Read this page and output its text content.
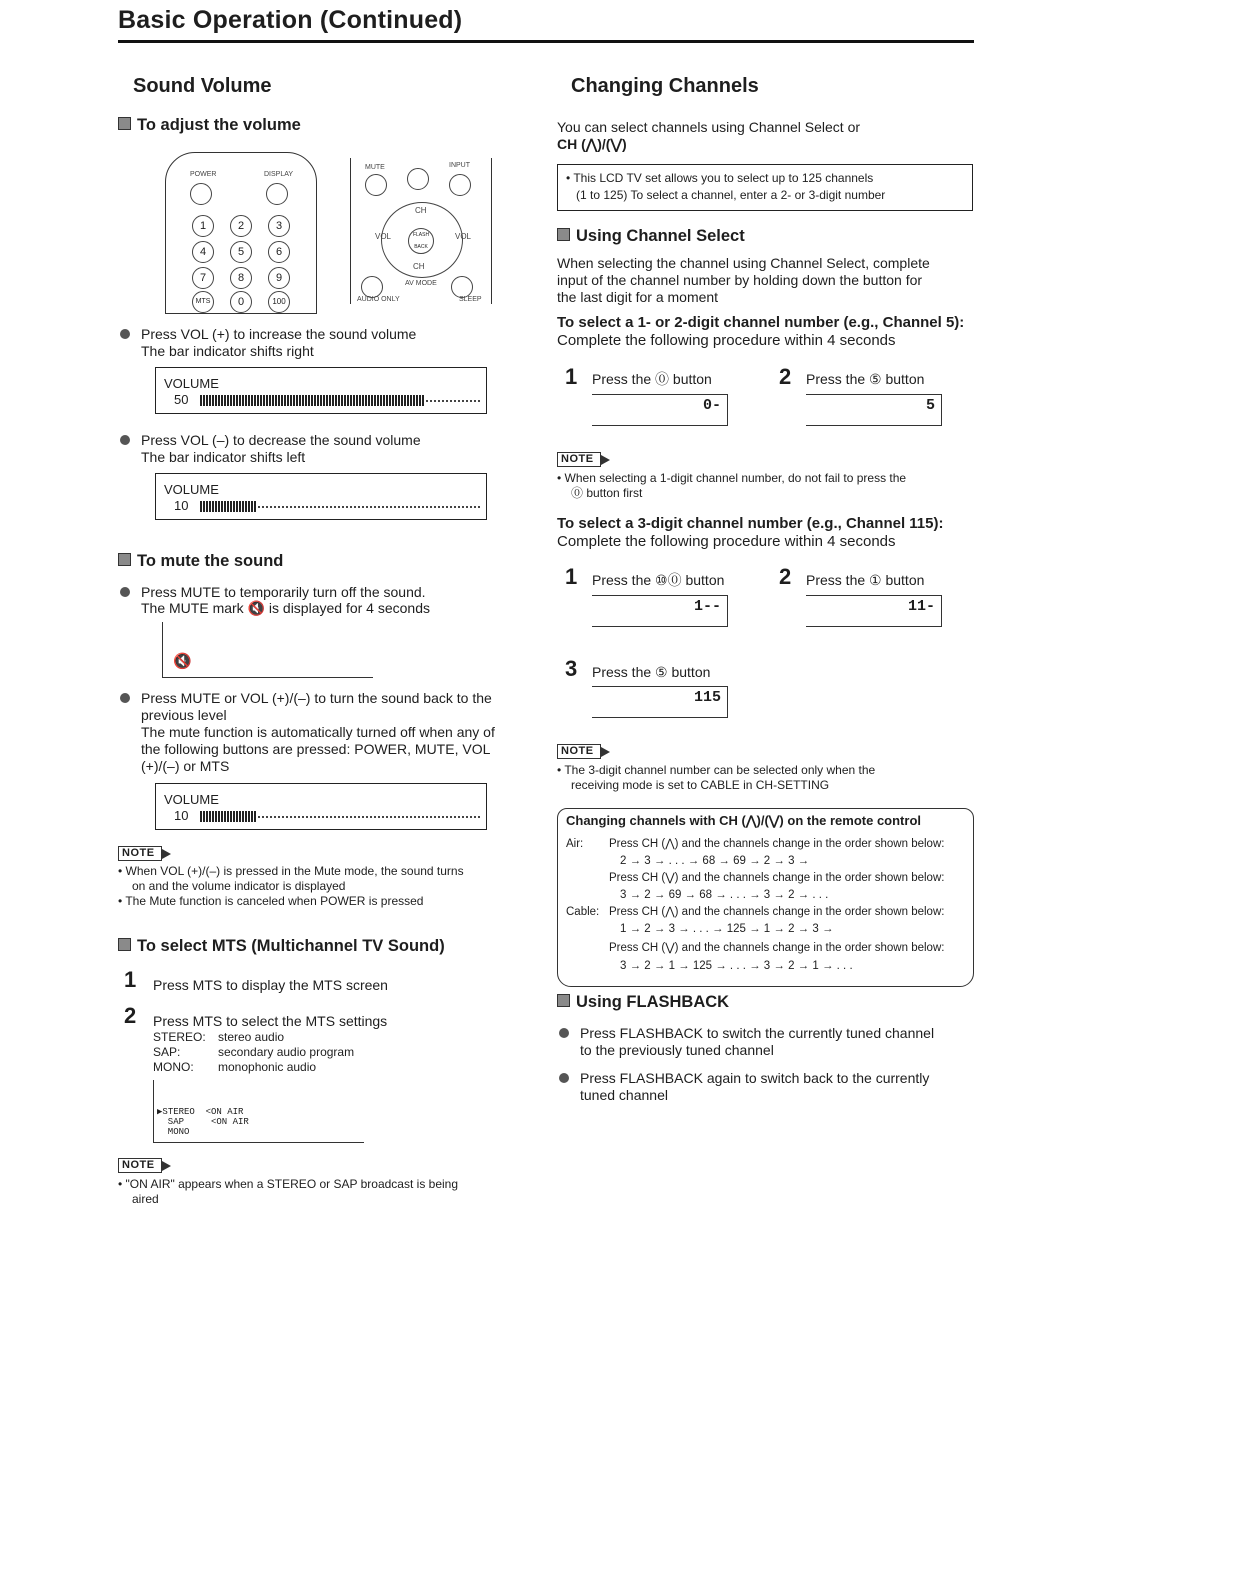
Basic Operation (Continued)
Sound Volume
To adjust the volume
POWER	DISPLAY
1	2	3
4	5	6
7	8	9
MTS	0	100
MUTE	INPUT
CH
VOL	FLASH BACK
VOL
CH
AV MODE
AUDIO ONLY	SLEEP
Press VOL (+) to increase the sound volume
The bar indicator shifts right
VOLUME
50
Press VOL (–) to decrease the sound volume
The bar indicator shifts left
VOLUME
10
To mute the sound
Press MUTE to temporarily turn off the sound.
The MUTE mark 🔇 is displayed for 4 seconds
🔇
Press MUTE or VOL (+)/(–) to turn the sound back to the
previous level
The mute function is automatically turned off when any of
the following buttons are pressed: POWER, MUTE, VOL
(+)/(–) or MTS
VOLUME
10
NOTE
• When VOL (+)/(–) is pressed in the Mute mode, the sound turns
on and the volume indicator is displayed
• The Mute function is canceled when POWER is pressed
To select MTS (Multichannel TV Sound)
1 Press MTS to display the MTS screen
2 Press MTS to select the MTS settings
STEREO: stereo audio
SAP:	secondary audio program
MONO: monophonic audio
▶STEREO  <ON AIR
SAP     <ON AIR
MONO
NOTE
• "ON AIR" appears when a STEREO or SAP broadcast is being
aired
Changing Channels
You can select channels using Channel Select or
CH (⋀)/(⋁)
• This LCD TV set allows you to select up to 125 channels
(1 to 125) To select a channel, enter a 2- or 3-digit number
Using Channel Select
When selecting the channel using Channel Select, complete
input of the channel number by holding down the button for
the last digit for a moment
To select a 1- or 2-digit channel number (e.g., Channel 5):
Complete the following procedure within 4 seconds
1 Press the ⓪ button
0-
2 Press the ⑤ button
5
NOTE
• When selecting a 1-digit channel number, do not fail to press the
⓪ button first
To select a 3-digit channel number (e.g., Channel 115):
Complete the following procedure within 4 seconds
1 Press the ⑩⓪ button
1--
2 Press the ① button
11-
3 Press the ⑤ button
115
NOTE
• The 3-digit channel number can be selected only when the
receiving mode is set to CABLE in CH-SETTING
Changing channels with CH (⋀)/(⋁) on the remote control
Air: Press CH (⋀) and the channels change in the order shown below:
2 → 3 → . . . → 68 → 69 → 2 → 3 →
Press CH (⋁) and the channels change in the order shown below:
3 → 2 → 69 → 68 → . . . → 3 → 2 → . . .
Cable: Press CH (⋀) and the channels change in the order shown below:
1 → 2 → 3 → . . . → 125 → 1 → 2 → 3 →
Press CH (⋁) and the channels change in the order shown below:
3 → 2 → 1 → 125 → . . . → 3 → 2 → 1 → . . .
Using FLASHBACK
Press FLASHBACK to switch the currently tuned channel
to the previously tuned channel
Press FLASHBACK again to switch back to the currently
tuned channel
